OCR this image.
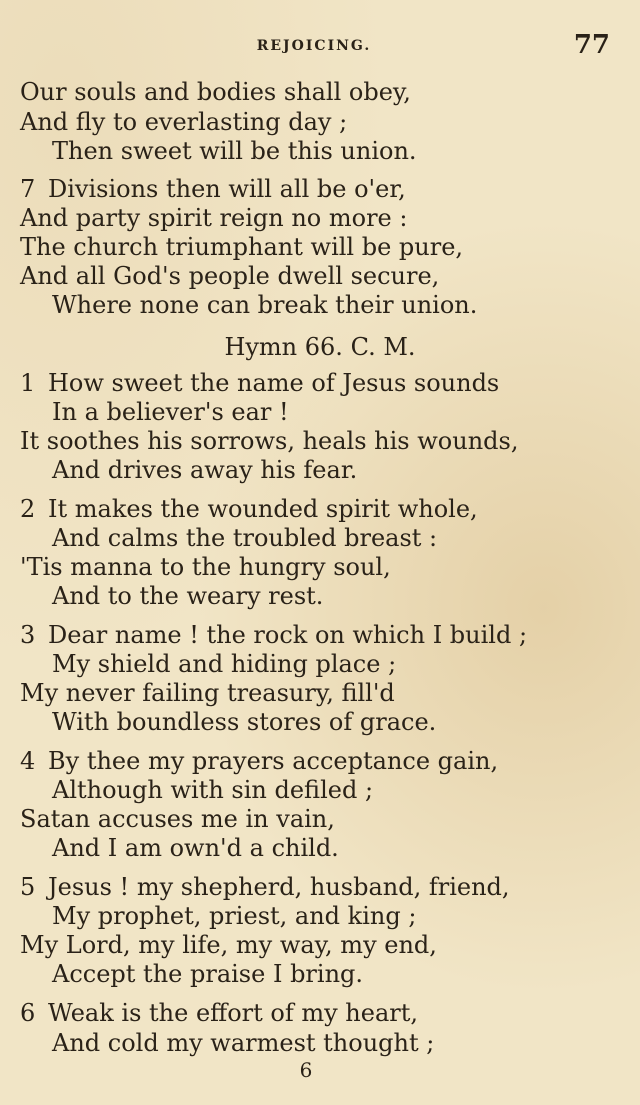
REJOICING.	77
Our souls and bodies shall obey,
And fly to everlasting day ;
Then sweet will be this union.
7 Divisions then will all be o'er,
And party spirit reign no more :
The church triumphant will be pure,
And all God's people dwell secure,
Where none can break their union.
Hymn 66. C. M.
1 How sweet the name of Jesus sounds
In a believer's ear !
It soothes his sorrows, heals his wounds,
And drives away his fear.
2 It makes the wounded spirit whole,
And calms the troubled breast :
'Tis manna to the hungry soul,
And to the weary rest.
3 Dear name ! the rock on which I build ;
My shield and hiding place ;
My never failing treasury, fill'd
With boundless stores of grace.
4 By thee my prayers acceptance gain,
Although with sin defiled ;
Satan accuses me in vain,
And I am own'd a child.
5 Jesus ! my shepherd, husband, friend,
My prophet, priest, and king ;
My Lord, my life, my way, my end,
Accept the praise I bring.
6 Weak is the effort of my heart,
And cold my warmest thought ;
6
